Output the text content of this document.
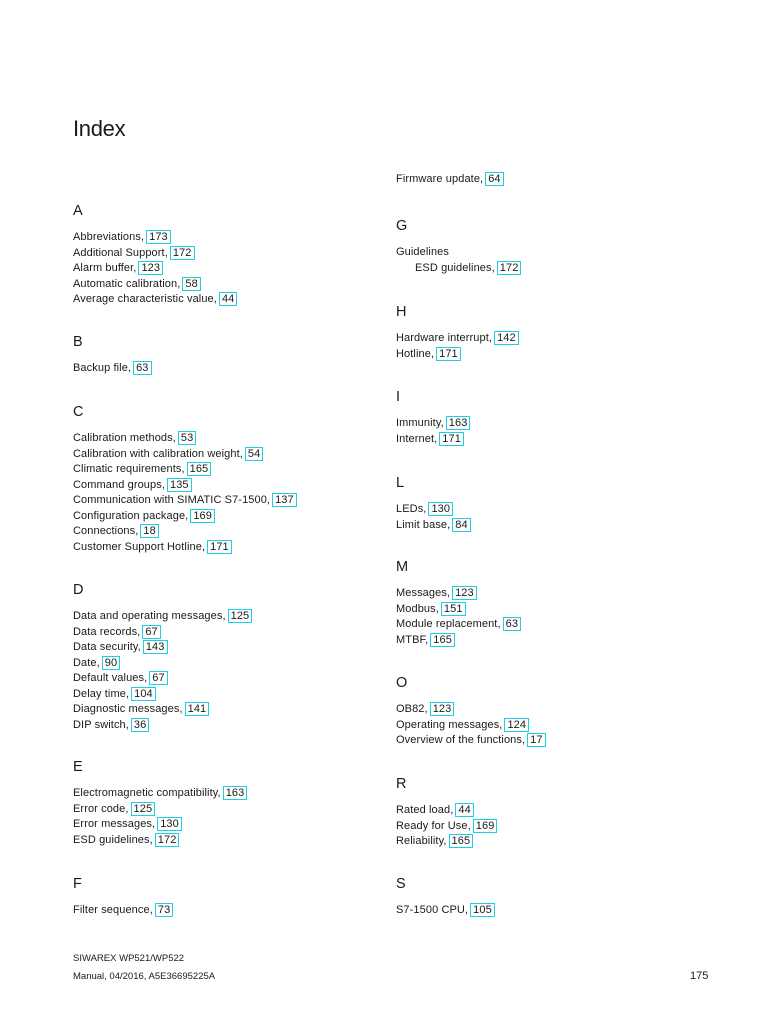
Index
A
Abbreviations, 173
Additional Support, 172
Alarm buffer, 123
Automatic calibration, 58
Average characteristic value, 44
B
Backup file, 63
C
Calibration methods, 53
Calibration with calibration weight, 54
Climatic requirements, 165
Command groups, 135
Communication with SIMATIC S7-1500, 137
Configuration package, 169
Connections, 18
Customer Support Hotline, 171
D
Data and operating messages, 125
Data records, 67
Data security, 143
Date, 90
Default values, 67
Delay time, 104
Diagnostic messages, 141
DIP switch, 36
E
Electromagnetic compatibility, 163
Error code, 125
Error messages, 130
ESD guidelines, 172
F
Filter sequence, 73
Firmware update, 64
G
Guidelines
ESD guidelines, 172
H
Hardware interrupt, 142
Hotline, 171
I
Immunity, 163
Internet, 171
L
LEDs, 130
Limit base, 84
M
Messages, 123
Modbus, 151
Module replacement, 63
MTBF, 165
O
OB82, 123
Operating messages, 124
Overview of the functions, 17
R
Rated load, 44
Ready for Use, 169
Reliability, 165
S
S7-1500 CPU, 105
SIWAREX WP521/WP522
Manual, 04/2016, A5E36695225A	175
